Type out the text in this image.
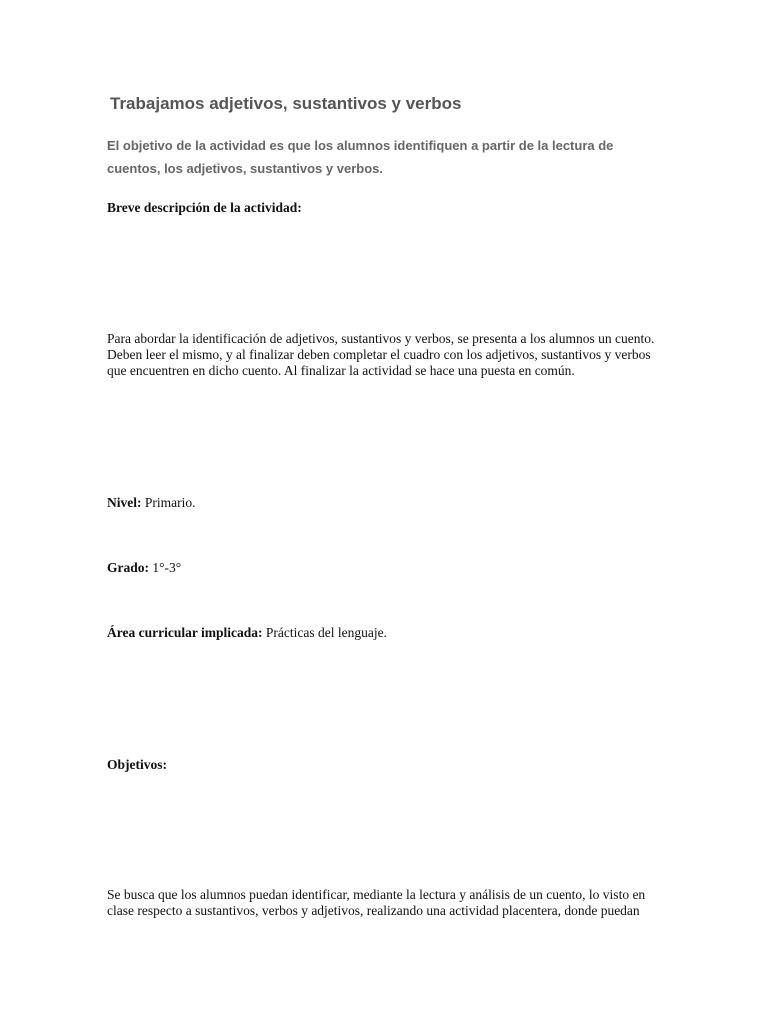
Trabajamos adjetivos, sustantivos y verbos

El objetivo de la actividad es que los alumnos identifiquen a partir de la lectura de cuentos, los adjetivos, sustantivos y verbos.

Breve descripción de la actividad:

Para abordar la identificación de adjetivos, sustantivos y verbos, se presenta a los alumnos un cuento.
Deben leer el mismo, y al finalizar deben completar el cuadro con los adjetivos, sustantivos y verbos
que encuentren en dicho cuento. Al finalizar la actividad se hace una puesta en común.

Nivel: Primario.

Grado: 1°-3°

Área curricular implicada: Prácticas del lenguaje.

Objetivos:

Se busca que los alumnos puedan identificar, mediante la lectura y análisis de un cuento, lo visto en
clase respecto a sustantivos, verbos y adjetivos, realizando una actividad placentera, donde puedan
